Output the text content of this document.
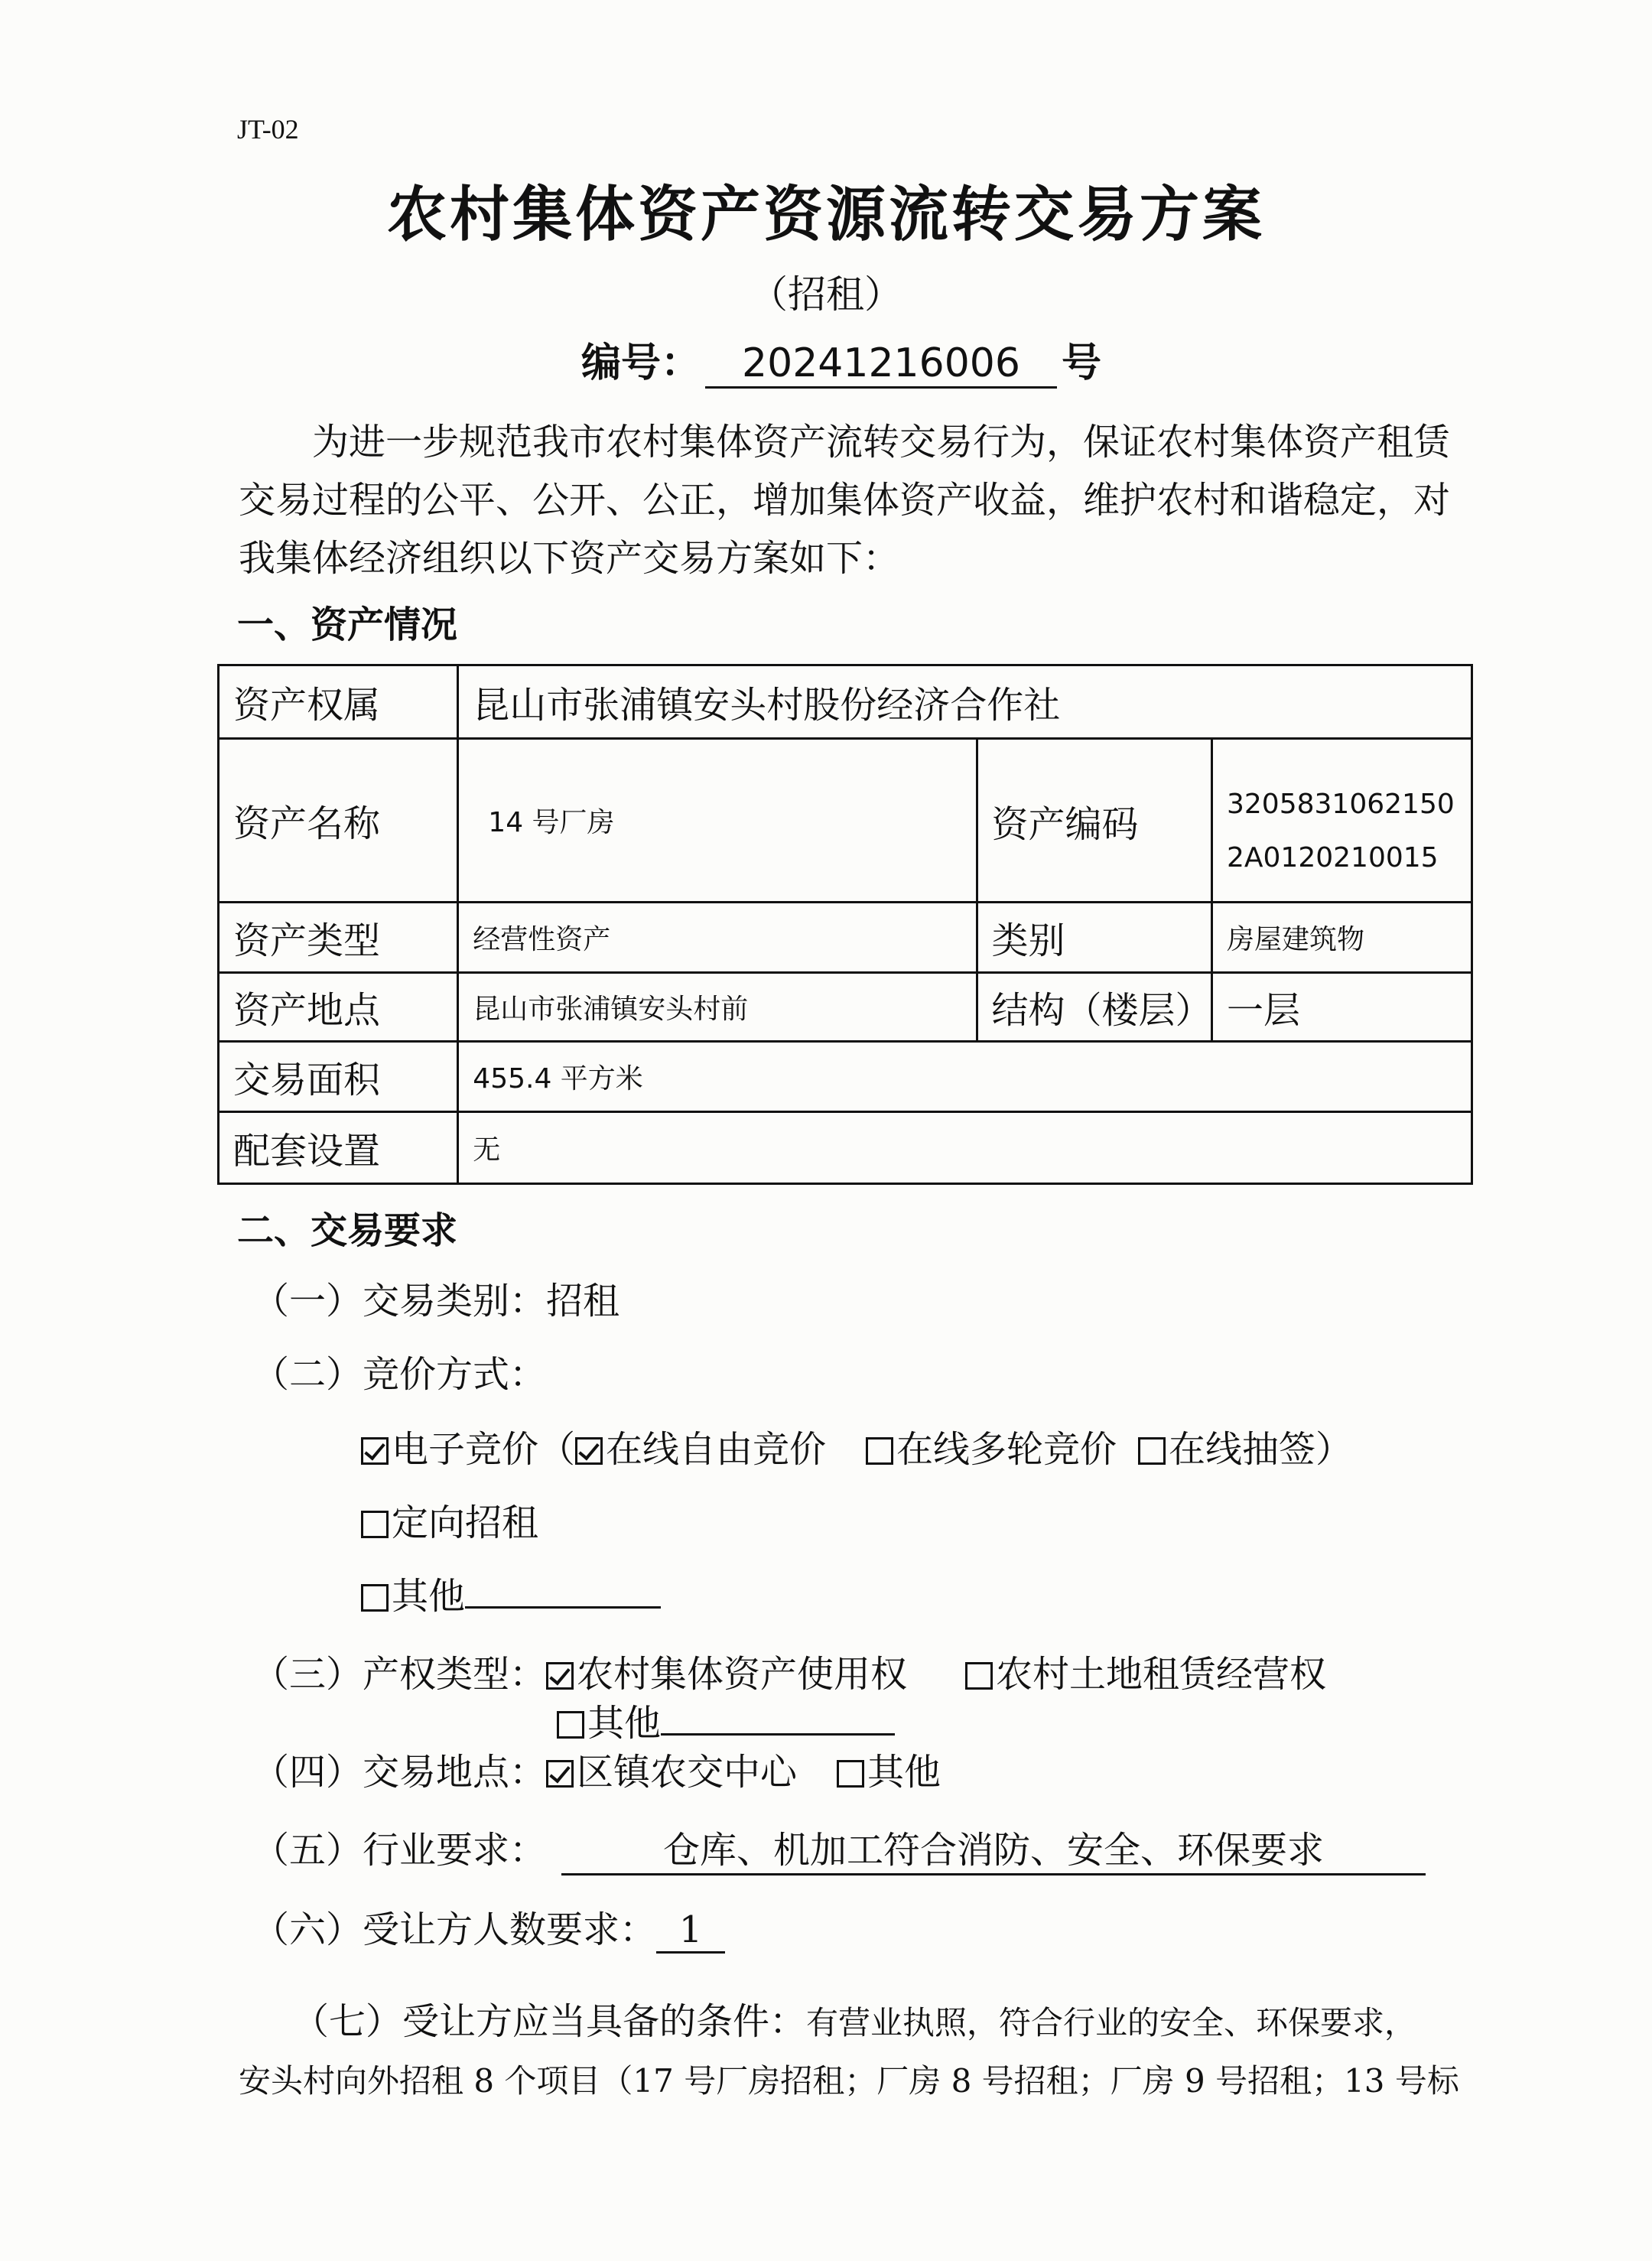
JT-02
农村集体资产资源流转交易方案
（招租）
编号： 20241216006 号
为进一步规范我市农村集体资产流转交易行为，保证农村集体资产租赁交易过程的公平、公开、公正，增加集体资产收益，维护农村和谐稳定，对我集体经济组织以下资产交易方案如下：
一、资产情况
资产权属	昆山市张浦镇安头村股份经济合作社		
资产名称	14 号厂房	资产编码	3205831062150
2A0120210015

资产类型	经营性资产	类别	房屋建筑物
资产地点	昆山市张浦镇安头村前	结构（楼层）	一层
交易面积	455.4 平方米		
配套设置	无		
二、交易要求
（一）交易类别：招租
（二）竞价方式：
电子竞价（ 在线自由竞价 在线多轮竞价 在线抽签）
定向招租
其他
（三）产权类型： 农村集体资产使用权 农村土地租赁经营权
其他
（四）交易地点： 区镇农交中心 其他
（五）行业要求：	仓库、机加工符合消防、安全、环保要求
（六）受让方人数要求： 1
（七）受让方应当具备的条件：有营业执照，符合行业的安全、环保要求，
安头村向外招租 8 个项目（17 号厂房招租；厂房 8 号招租；厂房 9 号招租；13 号标
